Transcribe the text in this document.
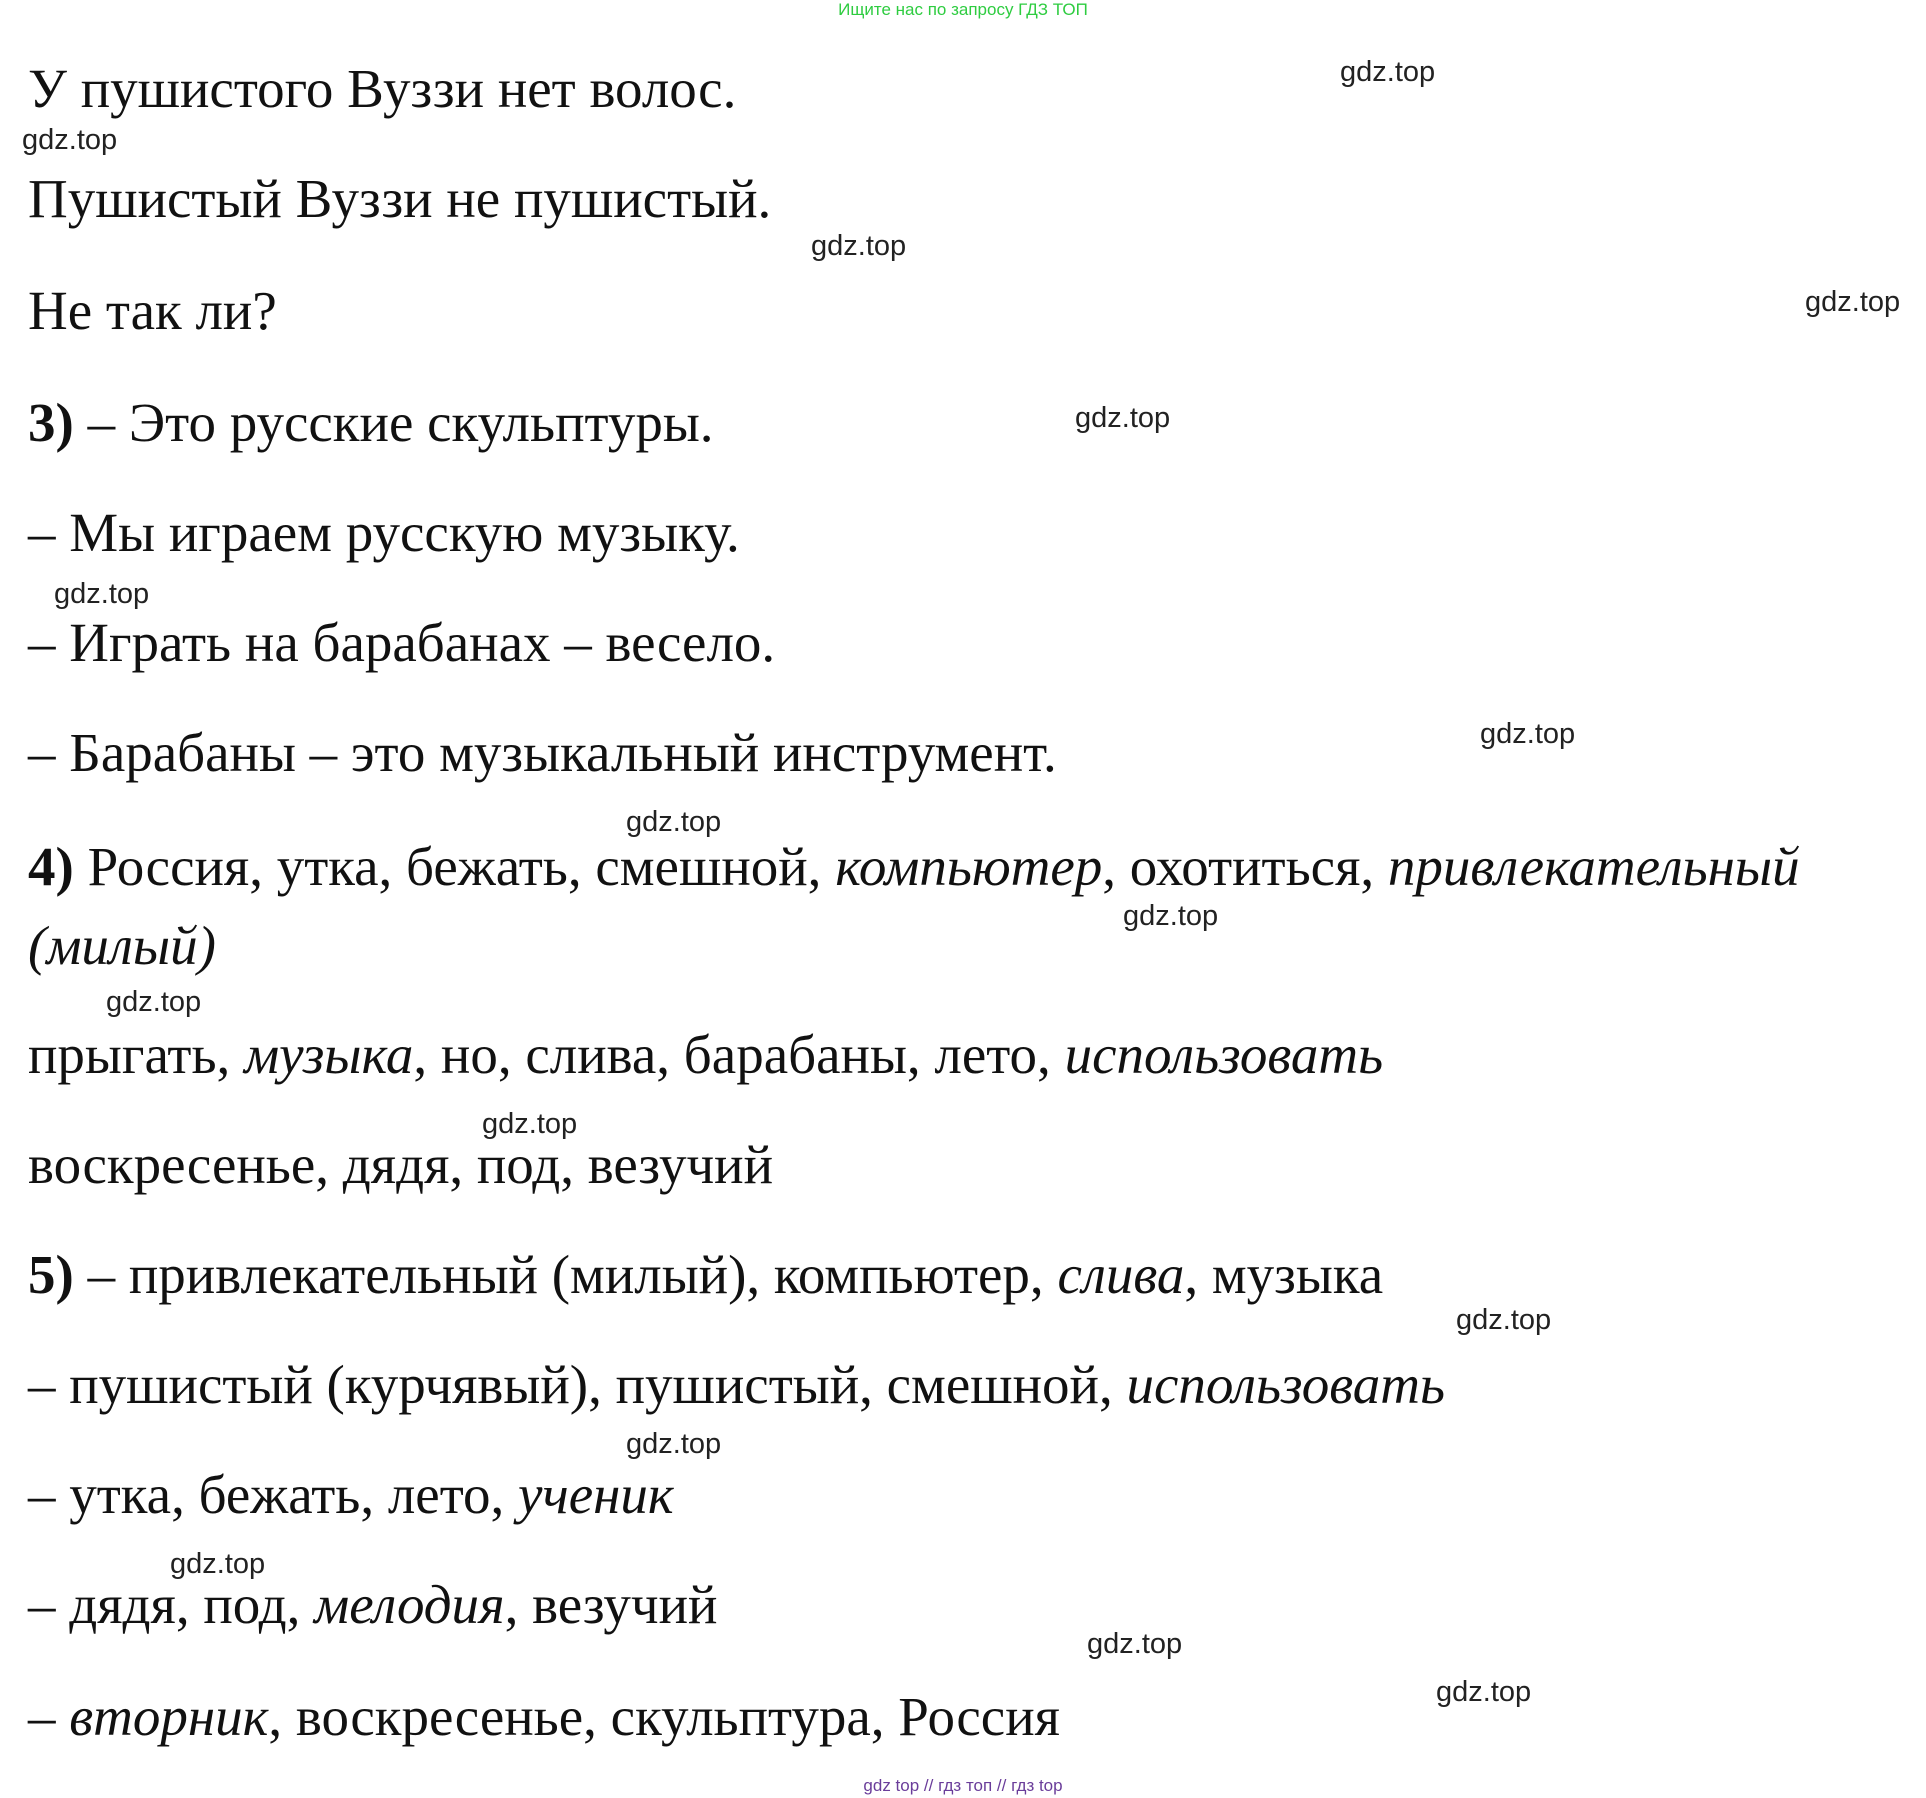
Ищите нас по запросу ГДЗ ТОП
У пушистого Вуззи нет волос.
Пушистый Вуззи не пушистый.
Не так ли?
3) – Это русские скульптуры.
– Мы играем русскую музыку.
– Играть на барабанах – весело.
– Барабаны – это музыкальный инструмент.
4) Россия, утка, бежать, смешной, компьютер, охотиться, привлекательный
(милый)
прыгать, музыка, но, слива, барабаны, лето, использовать
воскресенье, дядя, под, везучий
5) – привлекательный (милый), компьютер, слива, музыка
– пушистый (курчявый), пушистый, смешной, использовать
– утка, бежать, лето, ученик
– дядя, под, мелодия, везучий
– вторник, воскресенье, скульптура, Россия
gdz.top
gdz.top
gdz.top
gdz.top
gdz.top
gdz.top
gdz.top
gdz.top
gdz.top
gdz.top
gdz.top
gdz.top
gdz.top
gdz.top
gdz.top
gdz.top
gdz top // гдз топ // гдз top
